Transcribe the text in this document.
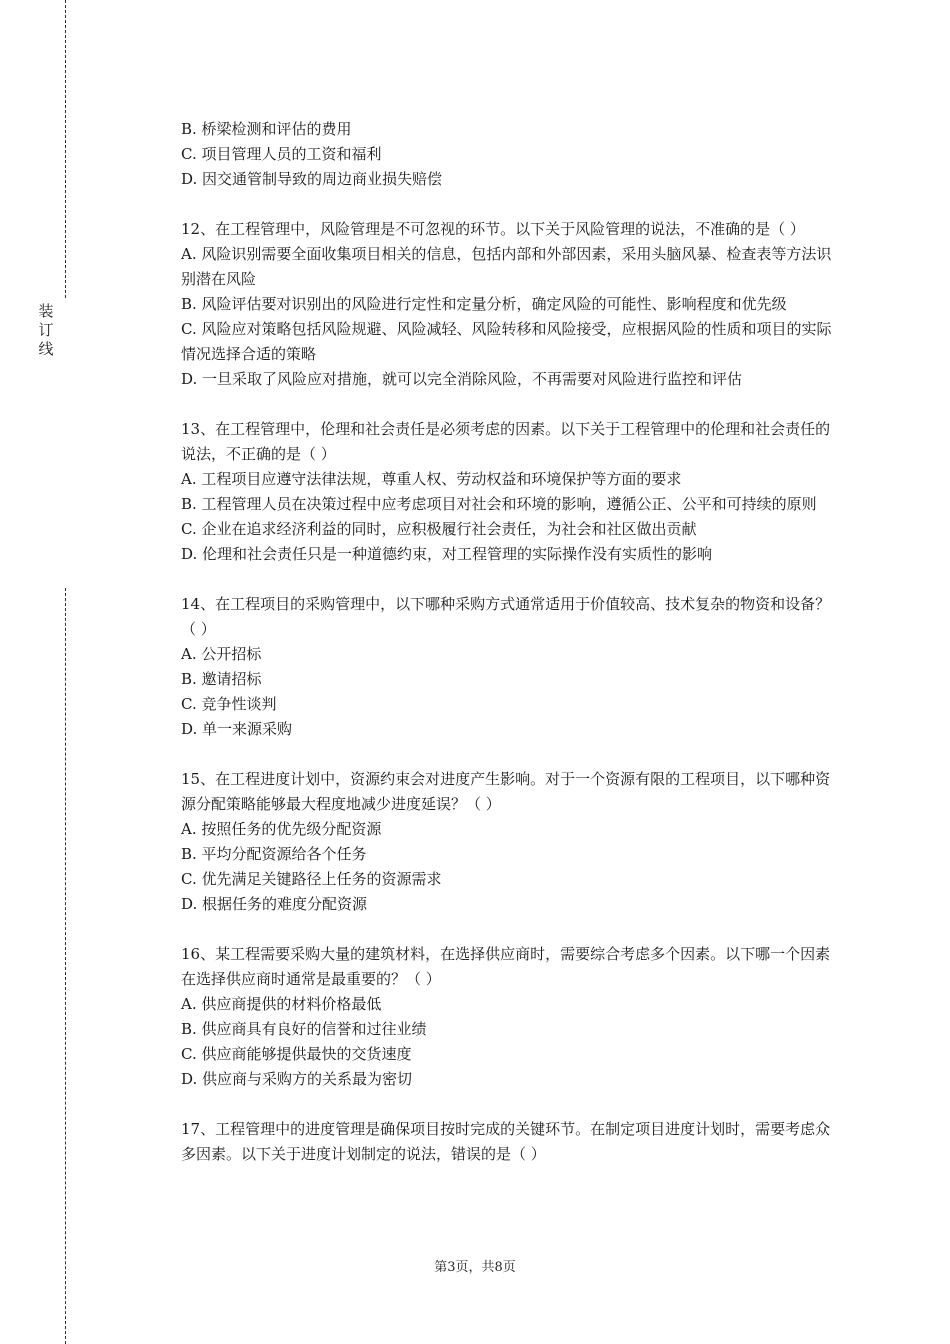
装
订
线

B. 桥梁检测和评估的费用

C. 项目管理人员的工资和福利

D. 因交通管制导致的周边商业损失赔偿

12、在工程管理中，风险管理是不可忽视的环节。以下关于风险管理的说法，不准确的是（ ）

A. 风险识别需要全面收集项目相关的信息，包括内部和外部因素，采用头脑风暴、检查表等方法识别潜在风险

B. 风险评估要对识别出的风险进行定性和定量分析，确定风险的可能性、影响程度和优先级

C. 风险应对策略包括风险规避、风险减轻、风险转移和风险接受，应根据风险的性质和项目的实际情况选择合适的策略

D. 一旦采取了风险应对措施，就可以完全消除风险，不再需要对风险进行监控和评估

13、在工程管理中，伦理和社会责任是必须考虑的因素。以下关于工程管理中的伦理和社会责任的说法，不正确的是（ ）

A. 工程项目应遵守法律法规，尊重人权、劳动权益和环境保护等方面的要求

B. 工程管理人员在决策过程中应考虑项目对社会和环境的影响，遵循公正、公平和可持续的原则

C. 企业在追求经济利益的同时，应积极履行社会责任，为社会和社区做出贡献

D. 伦理和社会责任只是一种道德约束，对工程管理的实际操作没有实质性的影响

14、在工程项目的采购管理中，以下哪种采购方式通常适用于价值较高、技术复杂的物资和设备？（ ）

A. 公开招标

B. 邀请招标

C. 竞争性谈判

D. 单一来源采购

15、在工程进度计划中，资源约束会对进度产生影响。对于一个资源有限的工程项目，以下哪种资源分配策略能够最大程度地减少进度延误？（ ）

A. 按照任务的优先级分配资源

B. 平均分配资源给各个任务

C. 优先满足关键路径上任务的资源需求

D. 根据任务的难度分配资源

16、某工程需要采购大量的建筑材料，在选择供应商时，需要综合考虑多个因素。以下哪一个因素在选择供应商时通常是最重要的？（ ）

A. 供应商提供的材料价格最低

B. 供应商具有良好的信誉和过往业绩

C. 供应商能够提供最快的交货速度

D. 供应商与采购方的关系最为密切

17、工程管理中的进度管理是确保项目按时完成的关键环节。在制定项目进度计划时，需要考虑众多因素。以下关于进度计划制定的说法，错误的是（ ）

第3页，共8页
